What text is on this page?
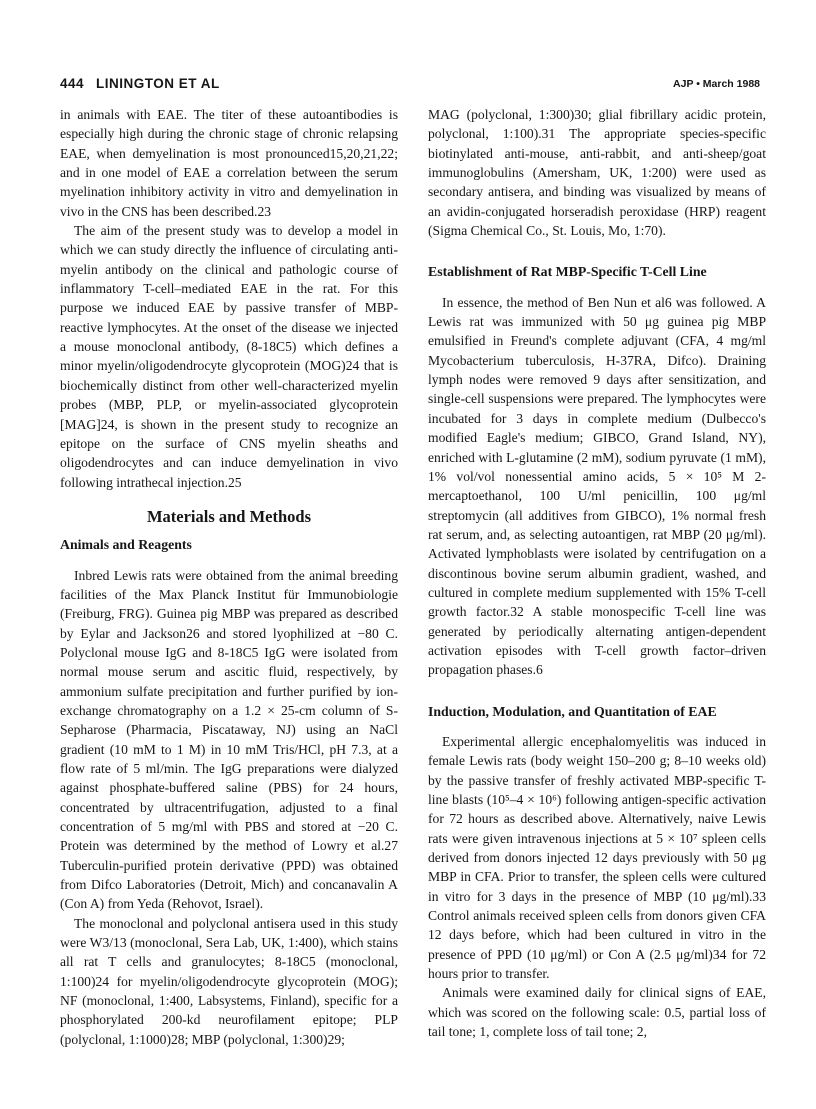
444 LININGTON ET AL	AJP • March 1988

in animals with EAE. The titer of these autoantibodies is especially high during the chronic stage of chronic relapsing EAE, when demyelination is most pronounced15,20,21,22; and in one model of EAE a correlation between the serum myelination inhibitory activity in vitro and demyelination in vivo in the CNS has been described.23

The aim of the present study was to develop a model in which we can study directly the influence of circulating anti-myelin antibody on the clinical and pathologic course of inflammatory T-cell–mediated EAE in the rat. For this purpose we induced EAE by passive transfer of MBP-reactive lymphocytes. At the onset of the disease we injected a mouse monoclonal antibody, (8-18C5) which defines a minor myelin/oligodendrocyte glycoprotein (MOG)24 that is biochemically distinct from other well-characterized myelin probes (MBP, PLP, or myelin-associated glycoprotein [MAG]24, is shown in the present study to recognize an epitope on the surface of CNS myelin sheaths and oligodendrocytes and can induce demyelination in vivo following intrathecal injection.25

Materials and Methods
Animals and Reagents

Inbred Lewis rats were obtained from the animal breeding facilities of the Max Planck Institut für Immunobiologie (Freiburg, FRG). Guinea pig MBP was prepared as described by Eylar and Jackson26 and stored lyophilized at −80 C. Polyclonal mouse IgG and 8-18C5 IgG were isolated from normal mouse serum and ascitic fluid, respectively, by ammonium sulfate precipitation and further purified by ion-exchange chromatography on a 1.2 × 25-cm column of S-Sepharose (Pharmacia, Piscataway, NJ) using an NaCl gradient (10 mM to 1 M) in 10 mM Tris/HCl, pH 7.3, at a flow rate of 5 ml/min. The IgG preparations were dialyzed against phosphate-buffered saline (PBS) for 24 hours, concentrated by ultracentrifugation, adjusted to a final concentration of 5 mg/ml with PBS and stored at −20 C. Protein was determined by the method of Lowry et al.27 Tuberculin-purified protein derivative (PPD) was obtained from Difco Laboratories (Detroit, Mich) and concanavalin A (Con A) from Yeda (Rehovot, Israel).

The monoclonal and polyclonal antisera used in this study were W3/13 (monoclonal, Sera Lab, UK, 1:400), which stains all rat T cells and granulocytes; 8-18C5 (monoclonal, 1:100)24 for myelin/oligodendrocyte glycoprotein (MOG); NF (monoclonal, 1:400, Labsystems, Finland), specific for a phosphorylated 200-kd neurofilament epitope; PLP (polyclonal, 1:1000)28; MBP (polyclonal, 1:300)29;

MAG (polyclonal, 1:300)30; glial fibrillary acidic protein, polyclonal, 1:100).31 The appropriate species-specific biotinylated anti-mouse, anti-rabbit, and anti-sheep/goat immunoglobulins (Amersham, UK, 1:200) were used as secondary antisera, and binding was visualized by means of an avidin-conjugated horseradish peroxidase (HRP) reagent (Sigma Chemical Co., St. Louis, Mo, 1:70).

Establishment of Rat MBP-Specific T-Cell Line

In essence, the method of Ben Nun et al6 was followed. A Lewis rat was immunized with 50 μg guinea pig MBP emulsified in Freund's complete adjuvant (CFA, 4 mg/ml Mycobacterium tuberculosis, H-37RA, Difco). Draining lymph nodes were removed 9 days after sensitization, and single-cell suspensions were prepared. The lymphocytes were incubated for 3 days in complete medium (Dulbecco's modified Eagle's medium; GIBCO, Grand Island, NY), enriched with L-glutamine (2 mM), sodium pyruvate (1 mM), 1% vol/vol nonessential amino acids, 5 × 10⁵ M 2-mercaptoethanol, 100 U/ml penicillin, 100 μg/ml streptomycin (all additives from GIBCO), 1% normal fresh rat serum, and, as selecting autoantigen, rat MBP (20 μg/ml). Activated lymphoblasts were isolated by centrifugation on a discontinous bovine serum albumin gradient, washed, and cultured in complete medium supplemented with 15% T-cell growth factor.32 A stable monospecific T-cell line was generated by periodically alternating antigen-dependent activation episodes with T-cell growth factor–driven propagation phases.6

Induction, Modulation, and Quantitation of EAE

Experimental allergic encephalomyelitis was induced in female Lewis rats (body weight 150–200 g; 8–10 weeks old) by the passive transfer of freshly activated MBP-specific T-line blasts (10⁵–4 × 10⁶) following antigen-specific activation for 72 hours as described above. Alternatively, naive Lewis rats were given intravenous injections at 5 × 10⁷ spleen cells derived from donors injected 12 days previously with 50 μg MBP in CFA. Prior to transfer, the spleen cells were cultured in vitro for 3 days in the presence of MBP (10 μg/ml).33 Control animals received spleen cells from donors given CFA 12 days before, which had been cultured in vitro in the presence of PPD (10 μg/ml) or Con A (2.5 μg/ml)34 for 72 hours prior to transfer.

Animals were examined daily for clinical signs of EAE, which was scored on the following scale: 0.5, partial loss of tail tone; 1, complete loss of tail tone; 2,
